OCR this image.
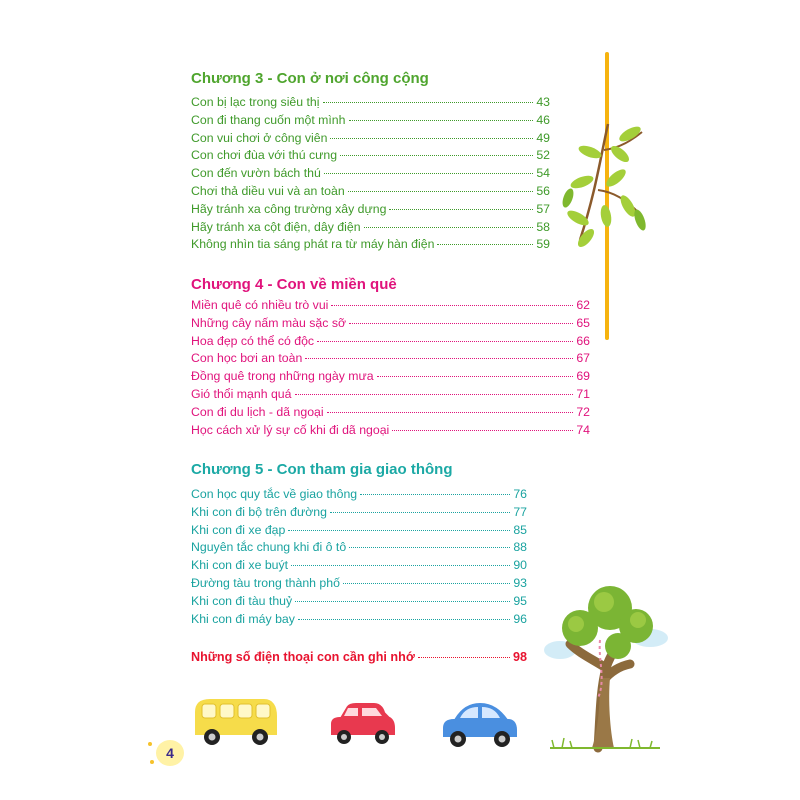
Chương 3 - Con ở nơi công cộng
Con bị lạc trong siêu thị	43
Con đi thang cuốn một mình	46
Con vui chơi ở công viên	49
Con chơi đùa với thú cưng	52
Con đến vườn bách thú	54
Chơi thả diều vui và an toàn	56
Hãy tránh xa công trường xây dựng	57
Hãy tránh xa cột điện, dây điện	58
Không nhìn tia sáng phát ra từ máy hàn điện	59
Chương 4 - Con về miền quê
Miền quê có nhiều trò vui	62
Những cây nấm màu sặc sỡ	65
Hoa đẹp có thể có độc	66
Con học bơi an toàn	67
Đồng quê trong những ngày mưa	69
Gió thổi mạnh quá	71
Con đi du lịch - dã ngoại	72
Học cách xử lý sự cố khi đi dã ngoại	74
Chương 5 - Con tham gia giao thông
Con học quy tắc về giao thông	76
Khi con đi bộ trên đường	77
Khi con đi xe đạp	85
Nguyên tắc chung khi đi ô tô	88
Khi con đi xe buýt	90
Đường tàu trong thành phố	93
Khi con đi tàu thuỷ	95
Khi con đi máy bay	96
Những số điện thoại con cần ghi nhớ	98
4
